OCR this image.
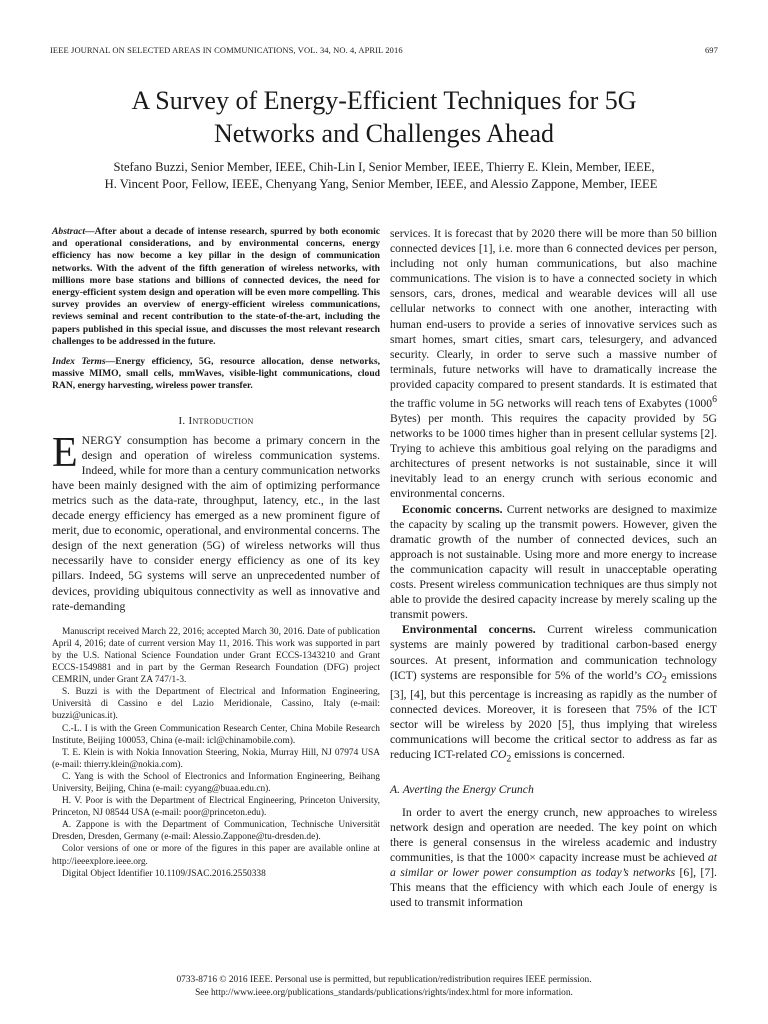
IEEE JOURNAL ON SELECTED AREAS IN COMMUNICATIONS, VOL. 34, NO. 4, APRIL 2016	697
A Survey of Energy-Efficient Techniques for 5G
Networks and Challenges Ahead
Stefano Buzzi, Senior Member, IEEE, Chih-Lin I, Senior Member, IEEE, Thierry E. Klein, Member, IEEE,
H. Vincent Poor, Fellow, IEEE, Chenyang Yang, Senior Member, IEEE, and Alessio Zappone, Member, IEEE
Abstract—After about a decade of intense research, spurred by both economic and operational considerations, and by environmental concerns, energy efficiency has now become a key pillar in the design of communication networks. With the advent of the fifth generation of wireless networks, with millions more base stations and billions of connected devices, the need for energy-efficient system design and operation will be even more compelling. This survey provides an overview of energy-efficient wireless communications, reviews seminal and recent contribution to the state-of-the-art, including the papers published in this special issue, and discusses the most relevant research challenges to be addressed in the future.
Index Terms—Energy efficiency, 5G, resource allocation, dense networks, massive MIMO, small cells, mmWaves, visible-light communications, cloud RAN, energy harvesting, wireless power transfer.
I. Introduction

ENERGY consumption has become a primary concern in the design and operation of wireless communication systems. Indeed, while for more than a century communication networks have been mainly designed with the aim of optimizing performance metrics such as the data-rate, throughput, latency, etc., in the last decade energy efficiency has emerged as a new prominent figure of merit, due to economic, operational, and environmental concerns. The design of the next generation (5G) of wireless networks will thus necessarily have to consider energy efficiency as one of its key pillars. Indeed, 5G systems will serve an unprecedented number of devices, providing ubiquitous connectivity as well as innovative and rate-demanding

Manuscript received March 22, 2016; accepted March 30, 2016. Date of publication April 4, 2016; date of current version May 11, 2016. This work was supported in part by the U.S. National Science Foundation under Grant ECCS-1343210 and Grant ECCS-1549881 and in part by the German Research Foundation (DFG) project CEMRIN, under Grant ZA 747/1-3.

S. Buzzi is with the Department of Electrical and Information Engineering, Università di Cassino e del Lazio Meridionale, Cassino, Italy (e-mail: buzzi@unicas.it).

C.-L. I is with the Green Communication Research Center, China Mobile Research Institute, Beijing 100053, China (e-mail: icl@chinamobile.com).

T. E. Klein is with Nokia Innovation Steering, Nokia, Murray Hill, NJ 07974 USA (e-mail: thierry.klein@nokia.com).

C. Yang is with the School of Electronics and Information Engineering, Beihang University, Beijing, China (e-mail: cyyang@buaa.edu.cn).

H. V. Poor is with the Department of Electrical Engineering, Princeton University, Princeton, NJ 08544 USA (e-mail: poor@princeton.edu).

A. Zappone is with the Department of Communication, Technische Universität Dresden, Dresden, Germany (e-mail: Alessio.Zappone@tu-dresden.de).

Color versions of one or more of the figures in this paper are available online at http://ieeexplore.ieee.org.

Digital Object Identifier 10.1109/JSAC.2016.2550338

services. It is forecast that by 2020 there will be more than 50 billion connected devices [1], i.e. more than 6 connected devices per person, including not only human communications, but also machine communications. The vision is to have a connected society in which sensors, cars, drones, medical and wearable devices will all use cellular networks to connect with one another, interacting with human end-users to provide a series of innovative services such as smart homes, smart cities, smart cars, telesurgery, and advanced security. Clearly, in order to serve such a massive number of terminals, future networks will have to dramatically increase the provided capacity compared to present standards. It is estimated that the traffic volume in 5G networks will reach tens of Exabytes (1000$^6$ Bytes) per month. This requires the capacity provided by 5G networks to be 1000 times higher than in present cellular systems [2]. Trying to achieve this ambitious goal relying on the paradigms and architectures of present networks is not sustainable, since it will inevitably lead to an energy crunch with serious economic and environmental concerns.

Economic concerns. Current networks are designed to maximize the capacity by scaling up the transmit powers. However, given the dramatic growth of the number of connected devices, such an approach is not sustainable. Using more and more energy to increase the communication capacity will result in unacceptable operating costs. Present wireless communication techniques are thus simply not able to provide the desired capacity increase by merely scaling up the transmit powers.

Environmental concerns. Current wireless communication systems are mainly powered by traditional carbon-based energy sources. At present, information and communication technology (ICT) systems are responsible for 5% of the world’s $CO_2$ emissions [3], [4], but this percentage is increasing as rapidly as the number of connected devices. Moreover, it is foreseen that 75% of the ICT sector will be wireless by 2020 [5], thus implying that wireless communications will become the critical sector to address as far as reducing ICT-related $CO_2$ emissions is concerned.

A. Averting the Energy Crunch

In order to avert the energy crunch, new approaches to wireless network design and operation are needed. The key point on which there is general consensus in the wireless academic and industry communities, is that the 1000× capacity increase must be achieved at a similar or lower power consumption as today’s networks [6], [7]. This means that the efficiency with which each Joule of energy is used to transmit information

0733-8716 © 2016 IEEE. Personal use is permitted, but republication/redistribution requires IEEE permission.
See http://www.ieee.org/publications_standards/publications/rights/index.html for more information.
